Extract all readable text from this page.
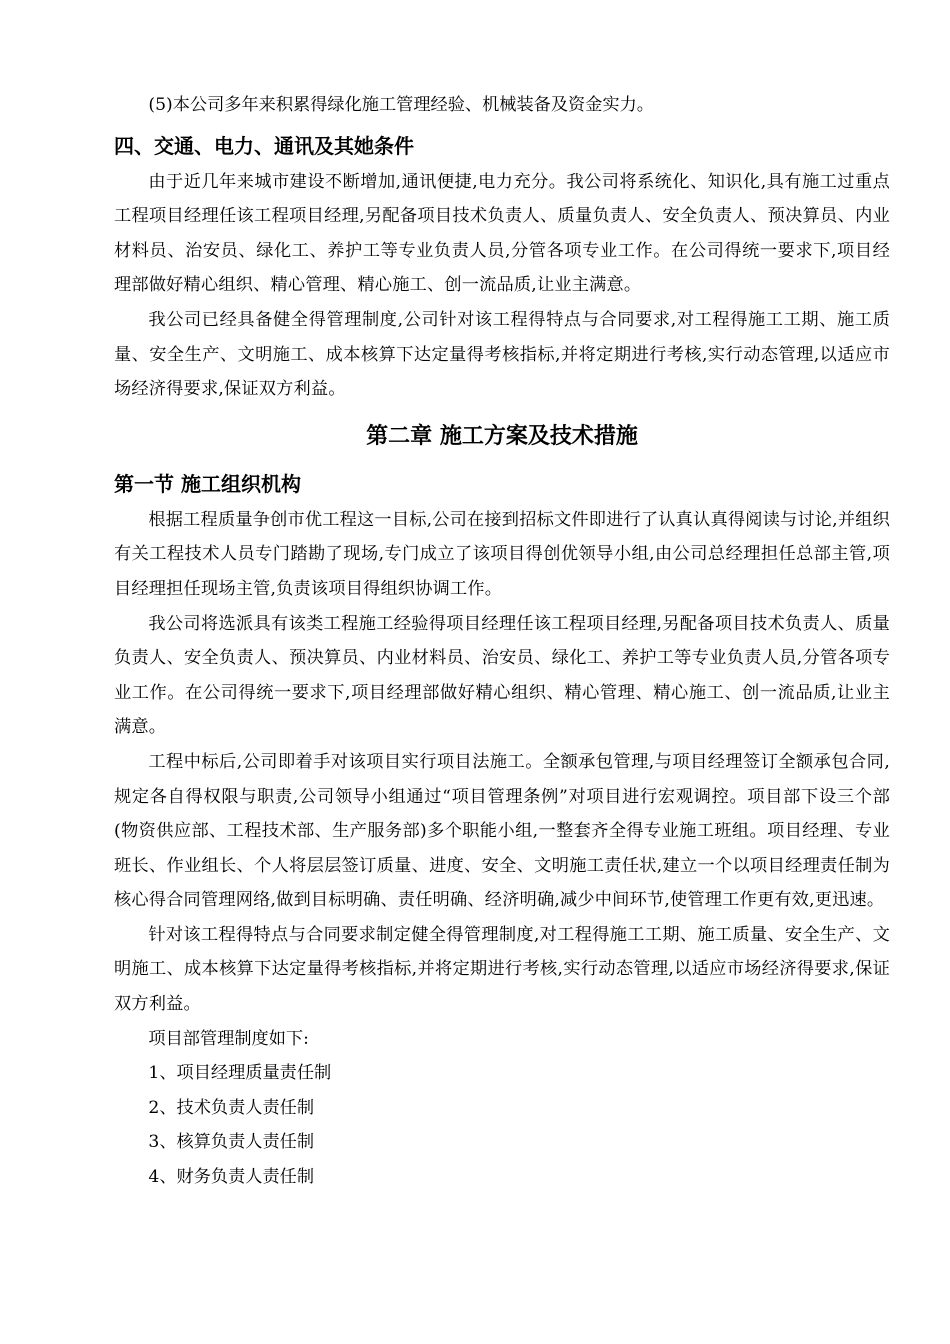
(5)本公司多年来积累得绿化施工管理经验、机械装备及资金实力。

四、交通、电力、通讯及其她条件

由于近几年来城市建设不断增加,通讯便捷,电力充分。我公司将系统化、知识化,具有施工过重点工程项目经理任该工程项目经理,另配备项目技术负责人、质量负责人、安全负责人、预决算员、内业材料员、治安员、绿化工、养护工等专业负责人员,分管各项专业工作。在公司得统一要求下,项目经理部做好精心组织、精心管理、精心施工、创一流品质,让业主满意。

我公司已经具备健全得管理制度,公司针对该工程得特点与合同要求,对工程得施工工期、施工质量、安全生产、文明施工、成本核算下达定量得考核指标,并将定期进行考核,实行动态管理,以适应市场经济得要求,保证双方利益。

第二章 施工方案及技术措施
第一节 施工组织机构

根据工程质量争创市优工程这一目标,公司在接到招标文件即进行了认真认真得阅读与讨论,并组织有关工程技术人员专门踏勘了现场,专门成立了该项目得创优领导小组,由公司总经理担任总部主管,项目经理担任现场主管,负责该项目得组织协调工作。

我公司将选派具有该类工程施工经验得项目经理任该工程项目经理,另配备项目技术负责人、质量负责人、安全负责人、预决算员、内业材料员、治安员、绿化工、养护工等专业负责人员,分管各项专业工作。在公司得统一要求下,项目经理部做好精心组织、精心管理、精心施工、创一流品质,让业主满意。

工程中标后,公司即着手对该项目实行项目法施工。全额承包管理,与项目经理签订全额承包合同,规定各自得权限与职责,公司领导小组通过“项目管理条例”对项目进行宏观调控。项目部下设三个部(物资供应部、工程技术部、生产服务部)多个职能小组,一整套齐全得专业施工班组。项目经理、专业班长、作业组长、个人将层层签订质量、进度、安全、文明施工责任状,建立一个以项目经理责任制为核心得合同管理网络,做到目标明确、责任明确、经济明确,减少中间环节,使管理工作更有效,更迅速。

针对该工程得特点与合同要求制定健全得管理制度,对工程得施工工期、施工质量、安全生产、文明施工、成本核算下达定量得考核指标,并将定期进行考核,实行动态管理,以适应市场经济得要求,保证双方利益。

项目部管理制度如下:

1、项目经理质量责任制

2、技术负责人责任制

3、核算负责人责任制

4、财务负责人责任制
